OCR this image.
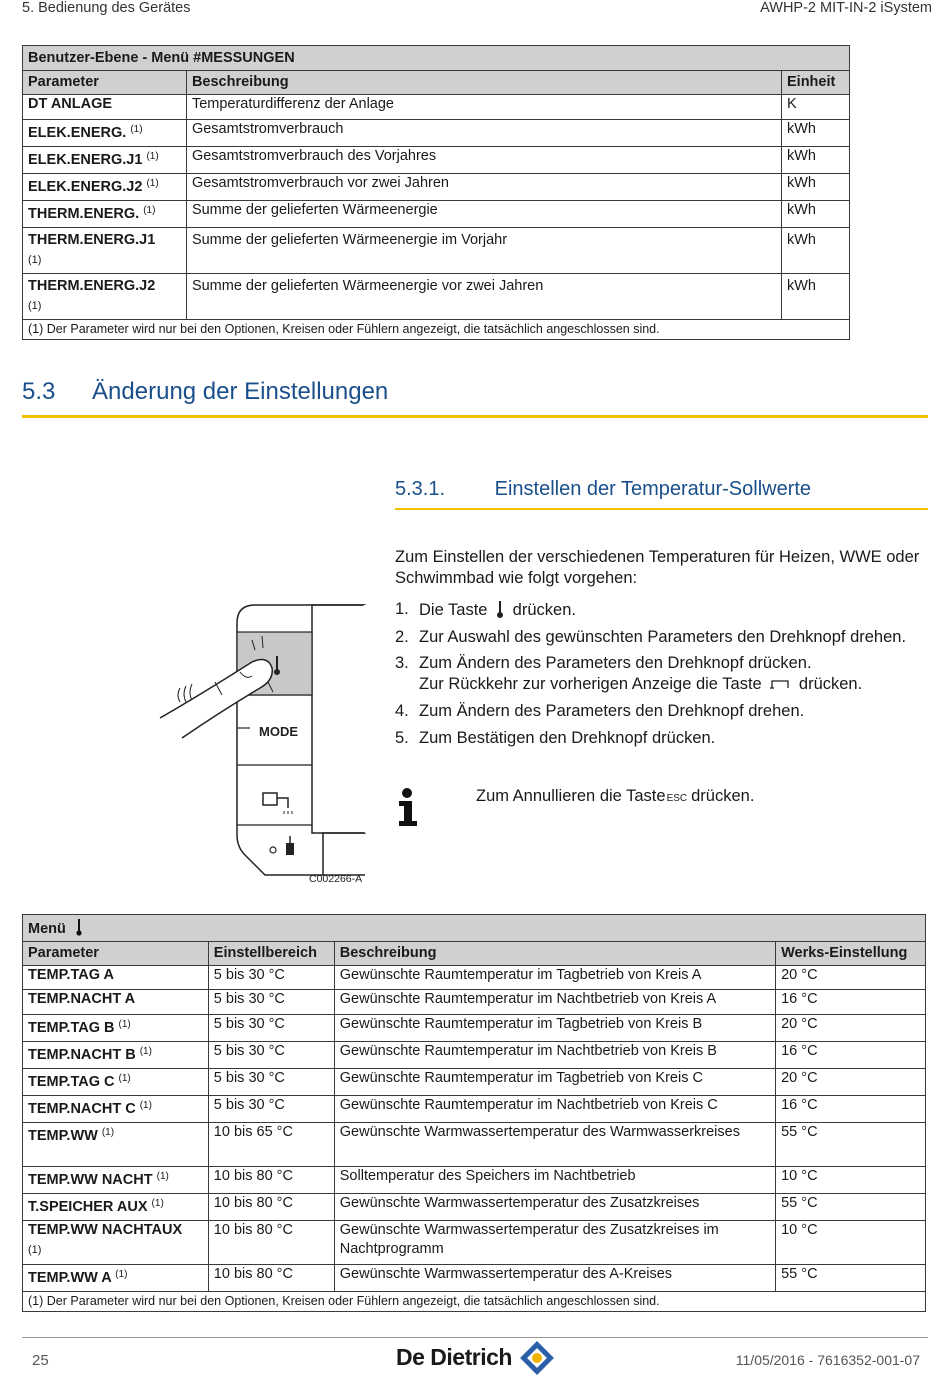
5. Bedienung des Gerätes	AWHP-2 MIT-IN-2 iSystem
Benutzer-Ebene - Menü #MESSUNGEN		
Parameter	Beschreibung	Einheit
DT ANLAGE	Temperaturdifferenz der Anlage	K
ELEK.ENERG. $^{(1)}$	Gesamtstromverbrauch	kWh
ELEK.ENERG.J1 $^{(1)}$	Gesamtstromverbrauch des Vorjahres	kWh
ELEK.ENERG.J2 $^{(1)}$	Gesamtstromverbrauch vor zwei Jahren	kWh
THERM.ENERG. $^{(1)}$	Summe der gelieferten Wärmeenergie	kWh
THERM.ENERG.J1
(1)	Summe der gelieferten Wärmeenergie im Vorjahr	kWh
THERM.ENERG.J2
(1)	Summe der gelieferten Wärmeenergie vor zwei Jahren	kWh
(1) Der Parameter wird nur bei den Optionen, Kreisen oder Fühlern angezeigt, die tatsächlich angeschlossen sind.		
5.3 Änderung der Einstellungen
5.3.1. Einstellen der Temperatur-Sollwerte
MODE
C002266-A
Zum Einstellen der verschiedenen Temperaturen für Heizen, WWE oder Schwimmbad wie folgt vorgehen:
1. Die Taste drücken.
2. Zur Auswahl des gewünschten Parameters den Drehknopf drehen.
3. Zum Ändern des Parameters den Drehknopf drücken.
Zur Rückkehr zur vorherigen Anzeige die Taste drücken.
4. Zum Ändern des Parameters den Drehknopf drehen.
5. Zum Bestätigen den Drehknopf drücken.
Zum Annullieren die TasteESC drücken.
Menü			
Parameter	Einstellbereich	Beschreibung	Werks-Einstellung
TEMP.TAG A	5 bis 30 °C	Gewünschte Raumtemperatur im Tagbetrieb von Kreis A	20 °C
TEMP.NACHT A	5 bis 30 °C	Gewünschte Raumtemperatur im Nachtbetrieb von Kreis A	16 °C
TEMP.TAG B $^{(1)}$	5 bis 30 °C	Gewünschte Raumtemperatur im Tagbetrieb von Kreis B	20 °C
TEMP.NACHT B $^{(1)}$	5 bis 30 °C	Gewünschte Raumtemperatur im Nachtbetrieb von Kreis B	16 °C
TEMP.TAG C $^{(1)}$	5 bis 30 °C	Gewünschte Raumtemperatur im Tagbetrieb von Kreis C	20 °C
TEMP.NACHT C $^{(1)}$	5 bis 30 °C	Gewünschte Raumtemperatur im Nachtbetrieb von Kreis C	16 °C
TEMP.WW $^{(1)}$	10 bis 65 °C	Gewünschte Warmwassertemperatur des Warmwasserkreises	55 °C
TEMP.WW NACHT $^{(1)}$	10 bis 80 °C	Solltemperatur des Speichers im Nachtbetrieb	10 °C
T.SPEICHER AUX $^{(1)}$	10 bis 80 °C	Gewünschte Warmwassertemperatur des Zusatzkreises	55 °C
TEMP.WW NACHTAUX
(1)	10 bis 80 °C	Gewünschte Warmwassertemperatur des Zusatzkreises im Nachtprogramm	10 °C
TEMP.WW A $^{(1)}$	10 bis 80 °C	Gewünschte Warmwassertemperatur des A-Kreises	55 °C
(1) Der Parameter wird nur bei den Optionen, Kreisen oder Fühlern angezeigt, die tatsächlich angeschlossen sind.			
25	De Dietrich	11/05/2016 - 7616352-001-07
